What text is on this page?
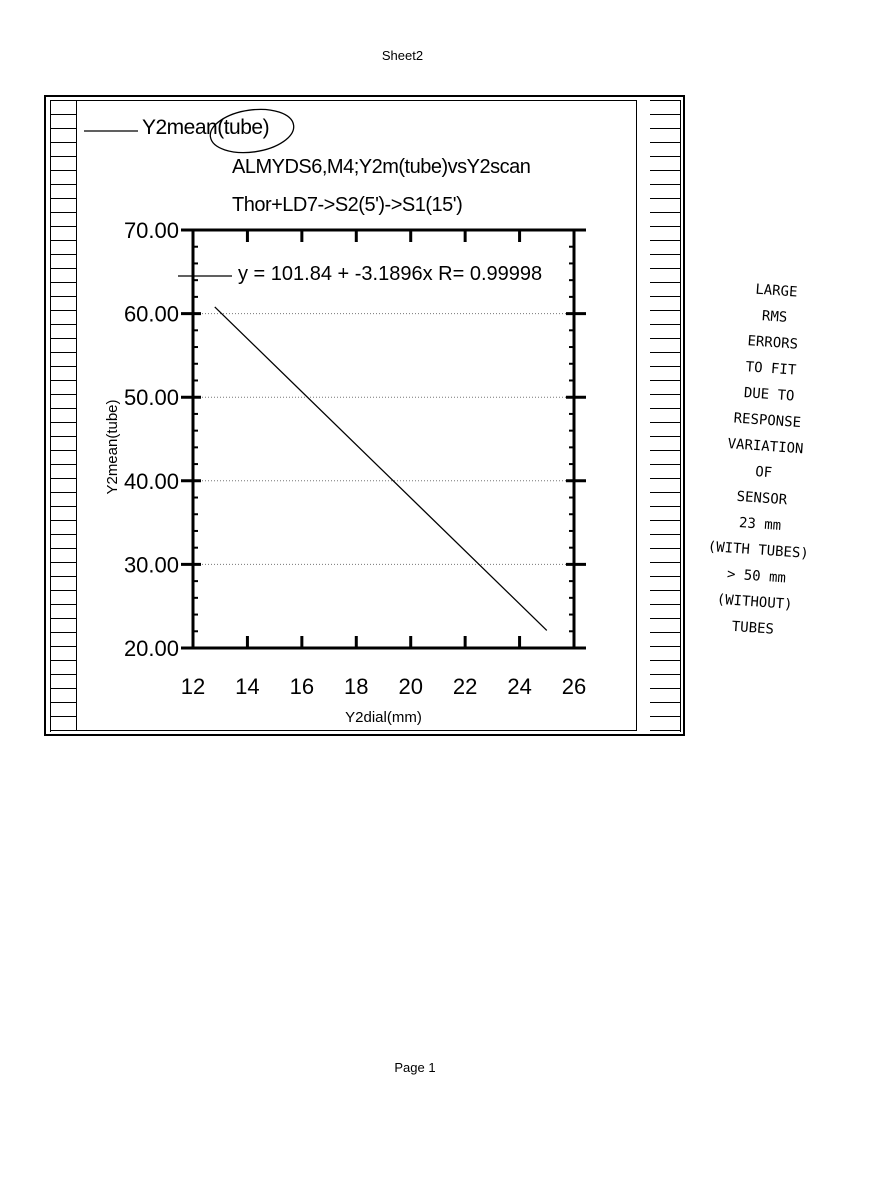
Sheet2
20.00
30.00
40.00
50.00
60.00
70.00
12 14 16 18 20 22 24 26
Y2dial(mm)
Y2mean(tube)
Y2mean(tube)
ALMYDS6,M4;Y2m(tube)vsY2scan
Thor+LD7->S2(5')->S1(15')
y = 101.84 + -3.1896x R= 0.99998
LARGE
RMS
ERRORS
TO FIT
DUE TO
RESPONSE
VARIATION
OF
SENSOR
23 mm
(WITH TUBES)
> 50 mm
(WITHOUT)
TUBES
Page 1
